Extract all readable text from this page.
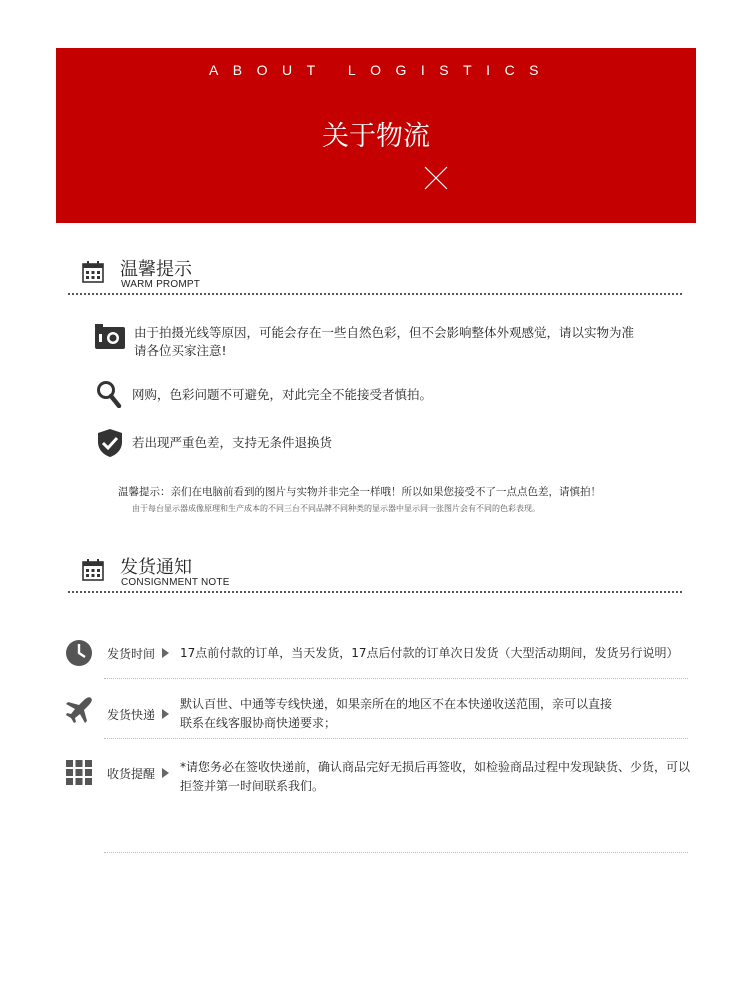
ABOUT LOGISTICS
关于物流
温馨提示
WARM PROMPT
由于拍摄光线等原因，可能会存在一些自然色彩，但不会影响整体外观感觉，请以实物为准
请各位买家注意!
网购，色彩问题不可避免，对此完全不能接受者慎拍。
若出现严重色差，支持无条件退换货
温馨提示：亲们在电脑前看到的图片与实物并非完全一样哦！所以如果您接受不了一点点色差，请慎拍！
由于每台显示器成像原理和生产成本的不同三台不同品牌不同种类的显示器中显示同一张图片会有不同的色彩表现。
发货通知
CONSIGNMENT NOTE
发货时间 17点前付款的订单，当天发货，17点后付款的订单次日发货（大型活动期间，发货另行说明）
发货快递
默认百世、中通等专线快递，如果亲所在的地区不在本快递收送范围，亲可以直接
联系在线客服协商快递要求；
收货提醒 *请您务必在签收快递前，确认商品完好无损后再签收，如检验商品过程中发现缺货、少货，可以
拒签并第一时间联系我们。
